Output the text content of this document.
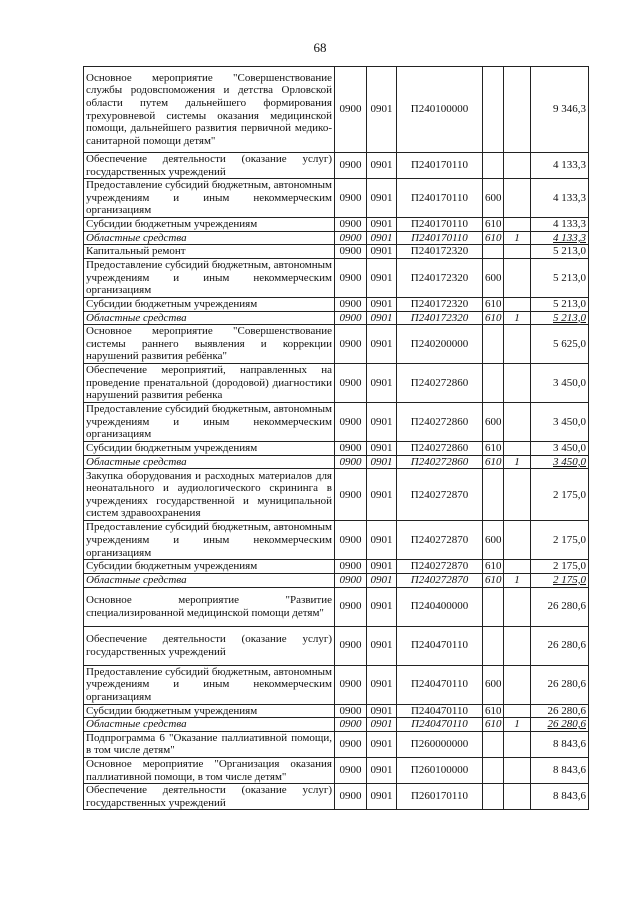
68
Основное мероприятие "Совершенствование службы родовспоможения и детства Орловской области путем дальнейшего формирования трехуровневой системы оказания медицинской помощи, дальнейшего развития первичной медико-санитарной помощи детям"	0900	0901	П240100000			9 346,3
Обеспечение деятельности (оказание услуг) государственных учреждений	0900	0901	П240170110			4 133,3
Предоставление субсидий бюджетным, автономным учреждениям и иным некоммерческим организациям	0900	0901	П240170110	600		4 133,3
Субсидии бюджетным учреждениям	0900	0901	П240170110	610		4 133,3
Областные средства	0900	0901	П240170110	610	1	4 133,3
Капитальный ремонт	0900	0901	П240172320			5 213,0
Предоставление субсидий бюджетным, автономным учреждениям и иным некоммерческим организациям	0900	0901	П240172320	600		5 213,0
Субсидии бюджетным учреждениям	0900	0901	П240172320	610		5 213,0
Областные средства	0900	0901	П240172320	610	1	5 213,0
Основное мероприятие "Совершенствование системы раннего выявления и коррекции нарушений развития ребёнка"	0900	0901	П240200000			5 625,0
Обеспечение мероприятий, направленных на проведение пренатальной (дородовой) диагностики нарушений развития ребенка	0900	0901	П240272860			3 450,0
Предоставление субсидий бюджетным, автономным учреждениям и иным некоммерческим организациям	0900	0901	П240272860	600		3 450,0
Субсидии бюджетным учреждениям	0900	0901	П240272860	610		3 450,0
Областные средства	0900	0901	П240272860	610	1	3 450,0
Закупка оборудования и расходных материалов для неонатального и аудиологического скрининга в учреждениях государственной и муниципальной систем здравоохранения	0900	0901	П240272870			2 175,0
Предоставление субсидий бюджетным, автономным учреждениям и иным некоммерческим организациям	0900	0901	П240272870	600		2 175,0
Субсидии бюджетным учреждениям	0900	0901	П240272870	610		2 175,0
Областные средства	0900	0901	П240272870	610	1	2 175,0
Основное мероприятие "Развитие специализированной медицинской помощи детям"	0900	0901	П240400000			26 280,6
Обеспечение деятельности (оказание услуг) государственных учреждений	0900	0901	П240470110			26 280,6
Предоставление субсидий бюджетным, автономным учреждениям и иным некоммерческим организациям	0900	0901	П240470110	600		26 280,6
Субсидии бюджетным учреждениям	0900	0901	П240470110	610		26 280,6
Областные средства	0900	0901	П240470110	610	1	26 280,6
Подпрограмма 6 "Оказание паллиативной помощи, в том числе детям"	0900	0901	П260000000			8 843,6
Основное мероприятие "Организация оказания паллиативной помощи, в том числе детям"	0900	0901	П260100000			8 843,6
Обеспечение деятельности (оказание услуг) государственных учреждений	0900	0901	П260170110			8 843,6
